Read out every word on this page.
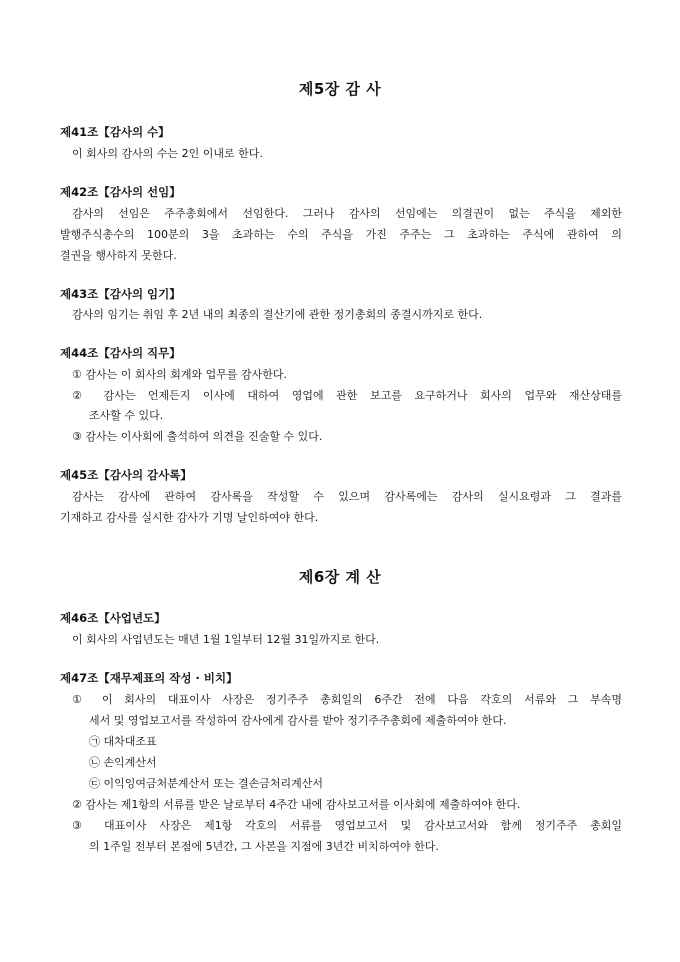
제5장 감 사
제41조【감사의 수】
이 회사의 감사의 수는 2인 이내로 한다.
제42조【감사의 선임】
감사의 선임은 주주총회에서 선임한다. 그러나 감사의 선임에는 의결권이 없는 주식을 제외한
발행주식총수의 100분의 3을 초과하는 수의 주식을 가진 주주는 그 초과하는 주식에 관하여 의
결권을 행사하지 못한다.
제43조【감사의 임기】
감사의 임기는 취임 후 2년 내의 최종의 결산기에 관한 정기총회의 종결시까지로 한다.
제44조【감사의 직무】
① 감사는 이 회사의 회계와 업무를 감사한다.
② 감사는 언제든지 이사에 대하여 영업에 관한 보고를 요구하거나 회사의 업무와 재산상태를
조사할 수 있다.
③ 감사는 이사회에 출석하여 의견을 진술할 수 있다.
제45조【감사의 감사록】
감사는 감사에 관하여 감사록을 작성할 수 있으며 감사록에는 감사의 실시요령과 그 결과를
기재하고 감사를 실시한 감사가 기명 날인하여야 한다.
제6장 계 산
제46조【사업년도】
이 회사의 사업년도는 매년 1월 1일부터 12월 31일까지로 한다.
제47조【재무제표의 작성 · 비치】
① 이 회사의 대표이사 사장은 정기주주 총회일의 6주간 전에 다음 각호의 서류와 그 부속명
세서 및 영업보고서를 작성하여 감사에게 감사를 받아 정기주주총회에 제출하여야 한다.
㉠ 대차대조표
㉡ 손익계산서
㉢ 이익잉여금처분계산서 또는 결손금처리계산서
② 감사는 제1항의 서류를 받은 날로부터 4주간 내에 감사보고서를 이사회에 제출하여야 한다.
③ 대표이사 사장은 제1항 각호의 서류를 영업보고서 및 감사보고서와 함께 정기주주 총회일
의 1주일 전부터 본점에 5년간, 그 사본을 지점에 3년간 비치하여야 한다.
